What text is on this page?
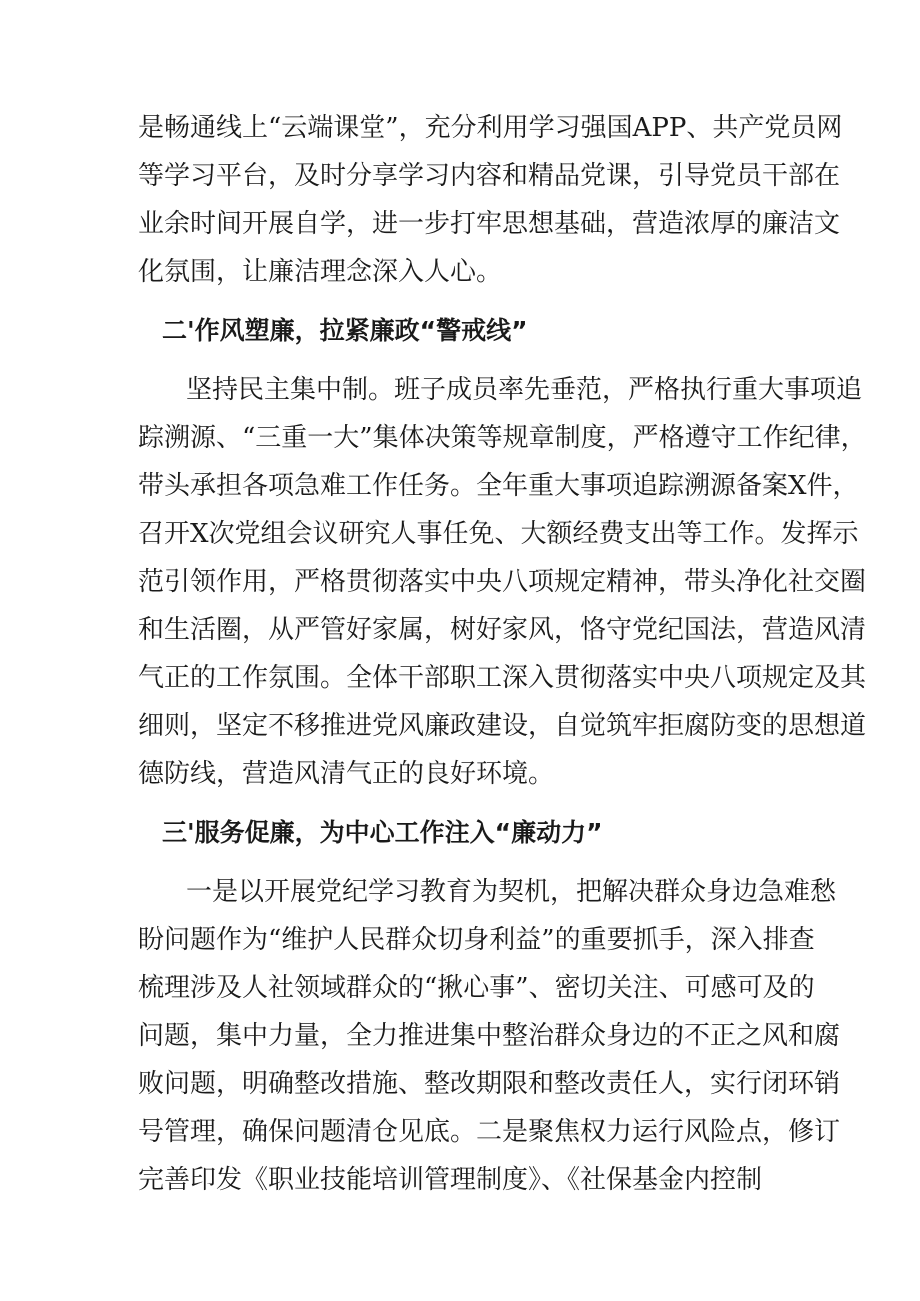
是畅通线上“云端课堂”，充分利用学习强国APP、共产党员网
等学习平台，及时分享学习内容和精品党课，引导党员干部在
业余时间开展自学，进一步打牢思想基础，营造浓厚的廉洁文
化氛围，让廉洁理念深入人心。
二'作风塑廉，拉紧廉政“警戒线”
坚持民主集中制。班子成员率先垂范，严格执行重大事项追
踪溯源、“三重一大”集体决策等规章制度，严格遵守工作纪律，
带头承担各项急难工作任务。全年重大事项追踪溯源备案X件，
召开X次党组会议研究人事任免、大额经费支出等工作。发挥示
范引领作用，严格贯彻落实中央八项规定精神，带头净化社交圈
和生活圈，从严管好家属，树好家风，恪守党纪国法，营造风清
气正的工作氛围。全体干部职工深入贯彻落实中央八项规定及其
细则，坚定不移推进党风廉政建设，自觉筑牢拒腐防变的思想道
德防线，营造风清气正的良好环境。
三'服务促廉，为中心工作注入“廉动力”
一是以开展党纪学习教育为契机，把解决群众身边急难愁
盼问题作为“维护人民群众切身利益”的重要抓手，深入排查
梳理涉及人社领域群众的“揪心事”、密切关注、可感可及的
问题，集中力量，全力推进集中整治群众身边的不正之风和腐
败问题，明确整改措施、整改期限和整改责任人，实行闭环销
号管理，确保问题清仓见底。二是聚焦权力运行风险点，修订
完善印发《职业技能培训管理制度》、《社保基金内控制
